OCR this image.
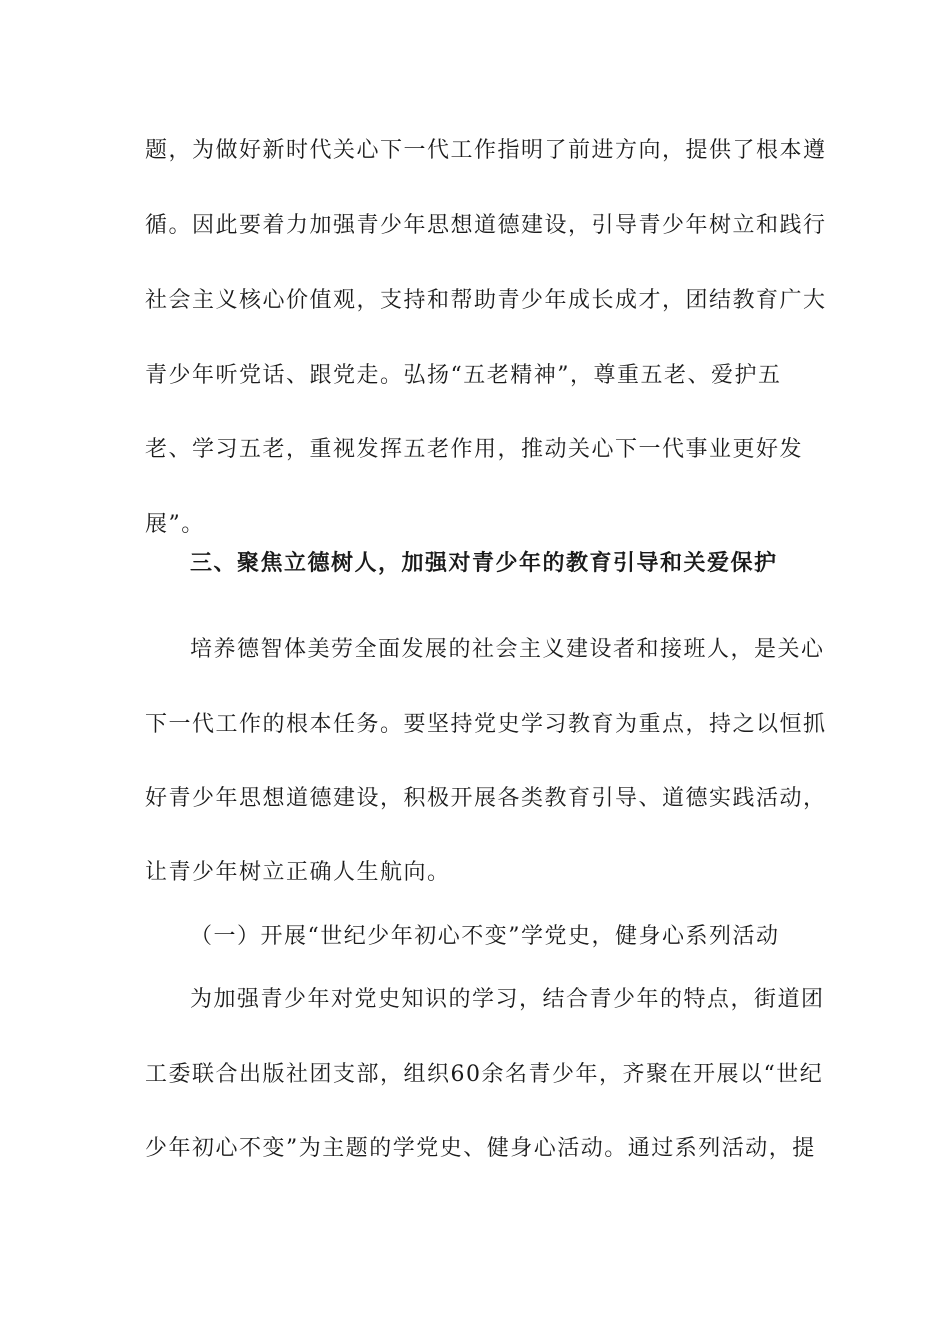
题，为做好新时代关心下一代工作指明了前进方向，提供了根本遵
循。因此要着力加强青少年思想道德建设，引导青少年树立和践行
社会主义核心价值观，支持和帮助青少年成长成才，团结教育广大
青少年听党话、跟党走。弘扬“五老精神”，尊重五老、爱护五
老、学习五老，重视发挥五老作用，推动关心下一代事业更好发
展”。
三、聚焦立德树人，加强对青少年的教育引导和关爱保护
培养德智体美劳全面发展的社会主义建设者和接班人，是关心
下一代工作的根本任务。要坚持党史学习教育为重点，持之以恒抓
好青少年思想道德建设，积极开展各类教育引导、道德实践活动，
让青少年树立正确人生航向。
（一）开展“世纪少年初心不变”学党史，健身心系列活动
为加强青少年对党史知识的学习，结合青少年的特点，街道团
工委联合出版社团支部，组织60余名青少年，齐聚在开展以“世纪
少年初心不变”为主题的学党史、健身心活动。通过系列活动，提
